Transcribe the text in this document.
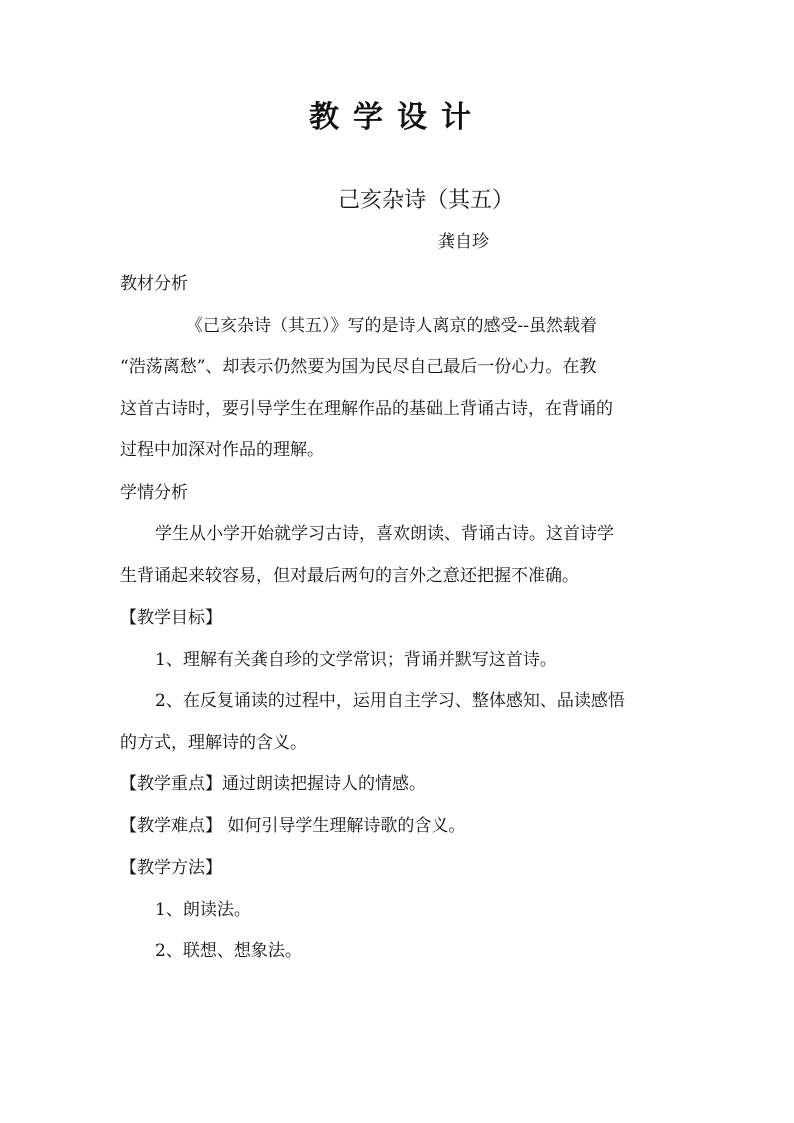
教学设计
己亥杂诗（其五）
龚自珍
教材分析
《己亥杂诗（其五）》写的是诗人离京的感受--虽然载着
“浩荡离愁”、却表示仍然要为国为民尽自己最后一份心力。在教
这首古诗时，要引导学生在理解作品的基础上背诵古诗，在背诵的
过程中加深对作品的理解。
学情分析
学生从小学开始就学习古诗，喜欢朗读、背诵古诗。这首诗学
生背诵起来较容易，但对最后两句的言外之意还把握不准确。
【教学目标】
1、理解有关龚自珍的文学常识；背诵并默写这首诗。
2、在反复诵读的过程中，运用自主学习、整体感知、品读感悟
的方式，理解诗的含义。
【教学重点】通过朗读把握诗人的情感。
【教学难点】 如何引导学生理解诗歌的含义。
【教学方法】
1、朗读法。
2、联想、想象法。
